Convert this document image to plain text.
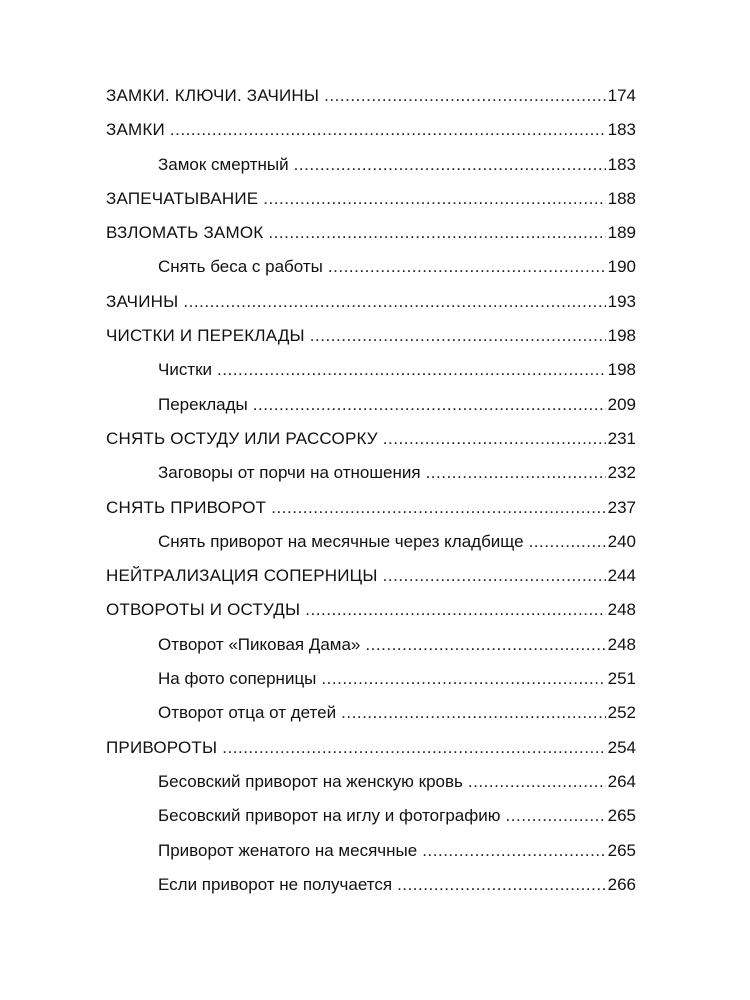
ЗАМКИ. КЛЮЧИ. ЗАЧИНЫ . . .	174
ЗАМКИ . . .	183
Замок смертный . . .	183
ЗАПЕЧАТЫВАНИЕ . . .	188
ВЗЛОМАТЬ ЗАМОК . . .	189
Снять беса с работы . . .	190
ЗАЧИНЫ . . .	193
ЧИСТКИ И ПЕРЕКЛАДЫ . . .	198
Чистки . . .	198
Переклады . . .	209
СНЯТЬ ОСТУДУ ИЛИ РАССОРКУ . . .	231
Заговоры от порчи на отношения . . .	232
СНЯТЬ ПРИВОРОТ . . .	237
Снять приворот на месячные через кладбище . . .	240
НЕЙТРАЛИЗАЦИЯ СОПЕРНИЦЫ . . .	244
ОТВОРОТЫ И ОСТУДЫ . . .	248
Отворот «Пиковая Дама» . . .	248
На фото соперницы . . .	251
Отворот отца от детей . . .	252
ПРИВОРОТЫ . . .	254
Бесовский приворот на женскую кровь . . .	264
Бесовский приворот на иглу и фотографию . . .	265
Приворот женатого на месячные . . .	265
Если приворот не получается . . .	266
